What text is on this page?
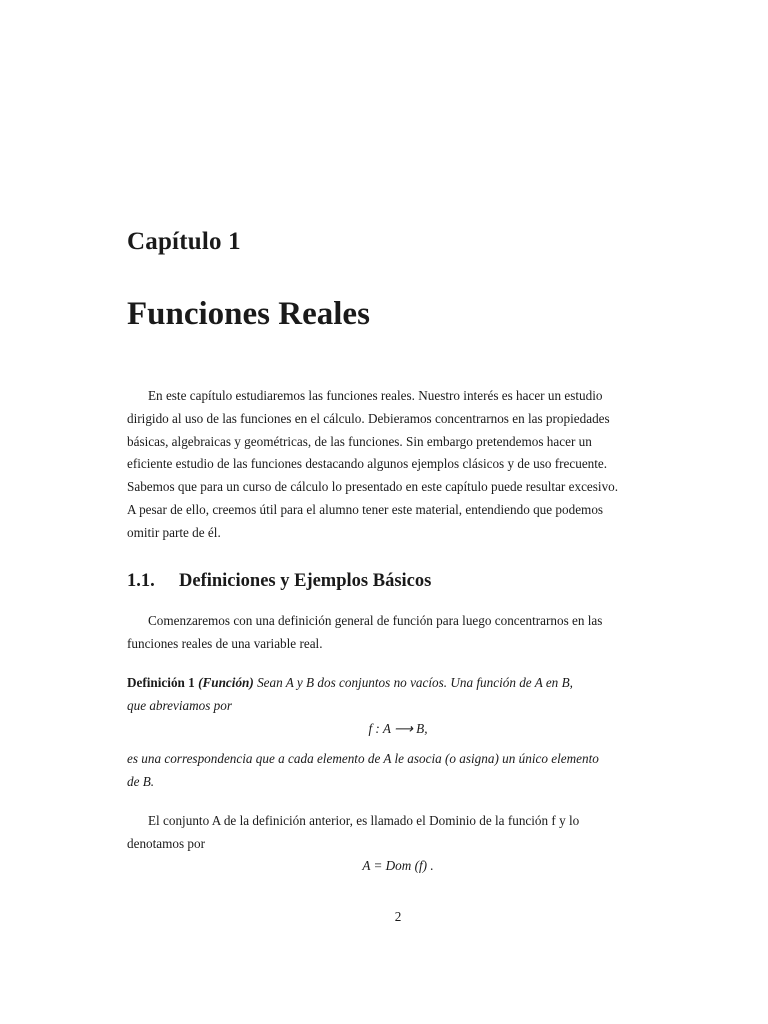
Capítulo 1
Funciones Reales
En este capítulo estudiaremos las funciones reales. Nuestro interés es hacer un estudio
dirigido al uso de las funciones en el cálculo. Debieramos concentrarnos en las propiedades
básicas, algebraicas y geométricas, de las funciones. Sin embargo pretendemos hacer un
eficiente estudio de las funciones destacando algunos ejemplos clásicos y de uso frecuente.
Sabemos que para un curso de cálculo lo presentado en este capítulo puede resultar excesivo.
A pesar de ello, creemos útil para el alumno tener este material, entendiendo que podemos
omitir parte de él.
1.1. Definiciones y Ejemplos Básicos
Comenzaremos con una definición general de función para luego concentrarnos en las
funciones reales de una variable real.
Definición 1 (Función) Sean A y B dos conjuntos no vacíos. Una función de A en B,
que abreviamos por
f : A ⟶ B,
es una correspondencia que a cada elemento de A le asocia (o asigna) un único elemento
de B.
El conjunto A de la definición anterior, es llamado el Dominio de la función f y lo
denotamos por
A = Dom (f) .
2
